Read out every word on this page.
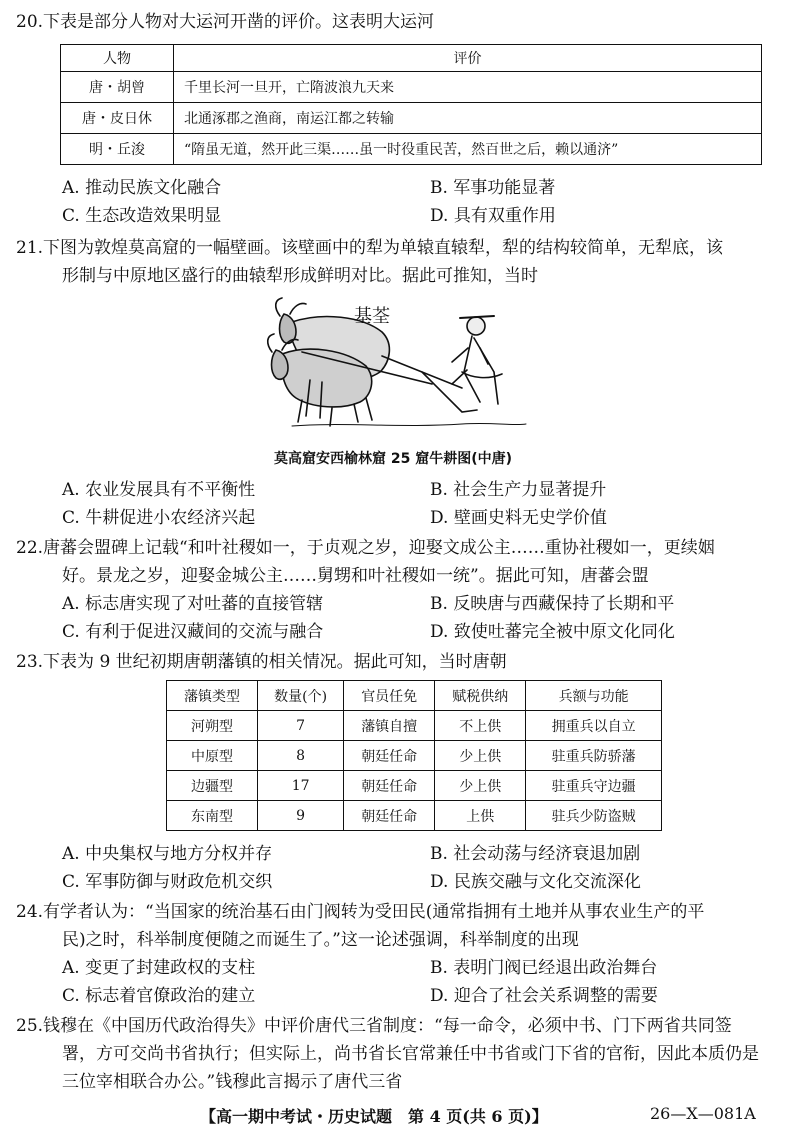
20.下表是部分人物对大运河开凿的评价。这表明大运河
人物	评价
唐・胡曾	千里长河一旦开，亡隋波浪九天来
唐・皮日休	北通涿郡之渔商，南运江都之转输
明・丘浚	“隋虽无道，然开此三渠……虽一时役重民苦，然百世之后，赖以通济”
A. 推动民族文化融合	B. 军事功能显著
C. 生态改造效果明显	D. 具有双重作用
21.下图为敦煌莫高窟的一幅壁画。该壁画中的犁为单辕直辕犁，犁的结构较简单，无犁底，该
形制与中原地区盛行的曲辕犁形成鲜明对比。据此可推知，当时
基荃
莫高窟安西榆林窟 25 窟牛耕图(中唐)
A. 农业发展具有不平衡性	B. 社会生产力显著提升
C. 牛耕促进小农经济兴起	D. 壁画史料无史学价值
22.唐蕃会盟碑上记载“和叶社稷如一，于贞观之岁，迎娶文成公主……重协社稷如一，更续姻
好。景龙之岁，迎娶金城公主……舅甥和叶社稷如一统”。据此可知，唐蕃会盟
A. 标志唐实现了对吐蕃的直接管辖	B. 反映唐与西藏保持了长期和平
C. 有利于促进汉藏间的交流与融合	D. 致使吐蕃完全被中原文化同化
23.下表为 9 世纪初期唐朝藩镇的相关情况。据此可知，当时唐朝
藩镇类型	数量(个)	官员任免	赋税供纳	兵额与功能
河朔型	7	藩镇自擅	不上供	拥重兵以自立
中原型	8	朝廷任命	少上供	驻重兵防骄藩
边疆型	17	朝廷任命	少上供	驻重兵守边疆
东南型	9	朝廷任命	上供	驻兵少防盗贼
A. 中央集权与地方分权并存	B. 社会动荡与经济衰退加剧
C. 军事防御与财政危机交织	D. 民族交融与文化交流深化
24.有学者认为：“当国家的统治基石由门阀转为受田民(通常指拥有土地并从事农业生产的平
民)之时，科举制度便随之而诞生了。”这一论述强调，科举制度的出现
A. 变更了封建政权的支柱	B. 表明门阀已经退出政治舞台
C. 标志着官僚政治的建立	D. 迎合了社会关系调整的需要
25.钱穆在《中国历代政治得失》中评价唐代三省制度：“每一命令，必须中书、门下两省共同签
署，方可交尚书省执行；但实际上，尚书省长官常兼任中书省或门下省的官衔，因此本质仍是
三位宰相联合办公。”钱穆此言揭示了唐代三省
【高一期中考试・历史试题　第 4 页(共 6 页)】	26—X—081A
